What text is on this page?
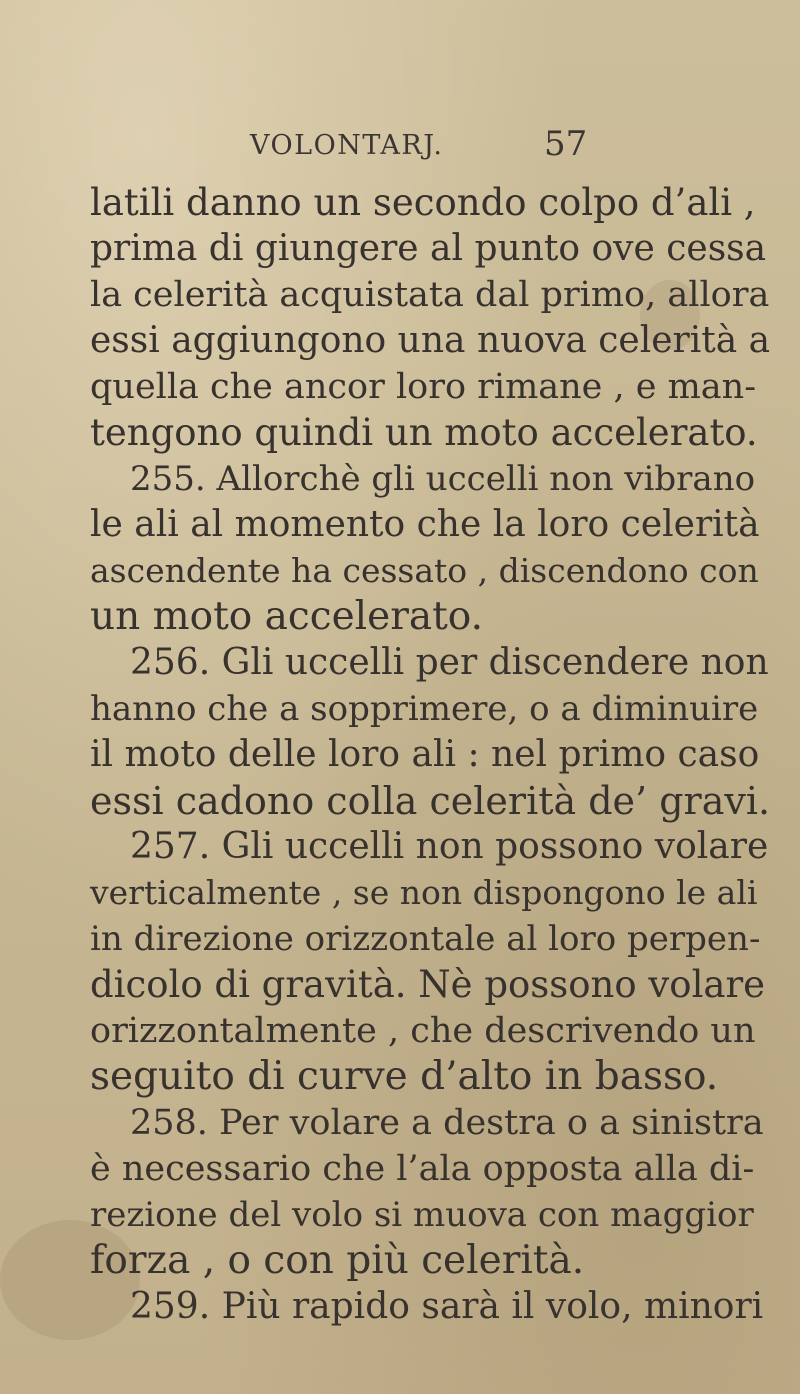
VOLONTARJ.	57
latili danno un secondo colpo d’ali ,
prima di giungere al punto ove cessa
la celerità acquistata dal primo, allora
essi aggiungono una nuova celerità a
quella che ancor loro rimane , e man-
tengono quindi un moto accelerato.
255. Allorchè gli uccelli non vibrano
le ali al momento che la loro celerità
ascendente ha cessato , discendono con
un moto accelerato.
256. Gli uccelli per discendere non
hanno che a sopprimere, o a diminuire
il moto delle loro ali : nel primo caso
essi cadono colla celerità de’ gravi.
257. Gli uccelli non possono volare
verticalmente , se non dispongono le ali
in direzione orizzontale al loro perpen-
dicolo di gravità. Nè possono volare
orizzontalmente , che descrivendo un
seguito di curve d’alto in basso.
258. Per volare a destra o a sinistra
è necessario che l’ala opposta alla di-
rezione del volo si muova con maggior
forza , o con più celerità.
259. Più rapido sarà il volo, minori
